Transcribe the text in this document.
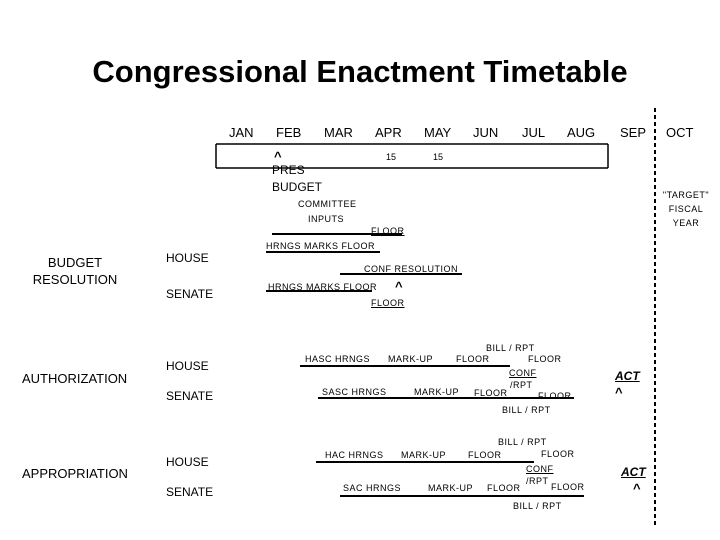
Congressional Enactment Timetable
JAN FEB MAR APR MAY JUN JUL AUG SEP OCT
15	15
^
PRES
BUDGET
"TARGET"
FISCAL
YEAR
BUDGET
RESOLUTION
HOUSE
SENATE
COMMITTEE
INPUTS
FLOOR
HRNGS MARKS FLOOR
CONF RESOLUTION
HRNGS MARKS FLOOR ^
FLOOR
AUTHORIZATION
HOUSE
SENATE
BILL / RPT
HASC HRNGS MARK-UP	FLOOR	FLOOR
CONF
/RPT
SASC HRNGS	MARK-UP FLOOR	FLOOR
BILL / RPT
ACT
^
APPROPRIATION
HOUSE
SENATE
BILL / RPT
HAC HRNGS MARK-UP FLOOR	FLOOR
CONF
/RPT
SAC HRNGS	MARK-UP FLOOR	FLOOR
BILL / RPT
ACT
^
